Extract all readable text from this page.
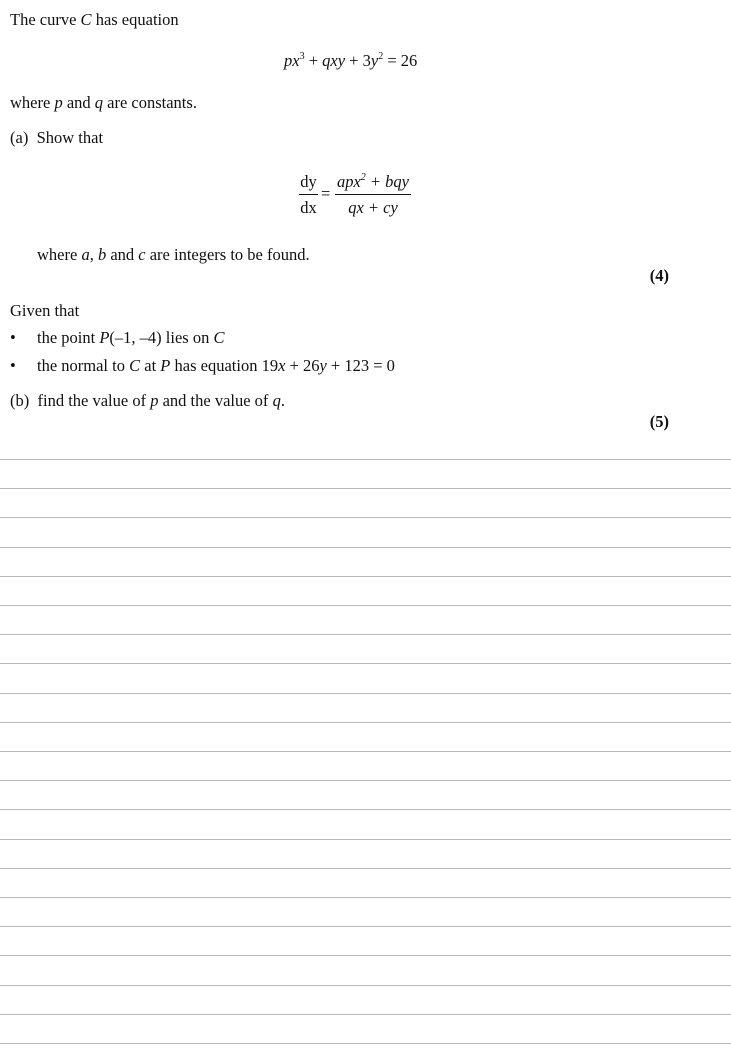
The curve C has equation
$px^3$ + qxy + $3y^2 = 26$
where p and q are constants.
(a) Show that
dy
dx
=
apx$^2$ + bqy
qx + cy
where a, b and c are integers to be found.
(4)
Given that
• the point P(–1, –4) lies on C
• the normal to C at P has equation 19x + 26y + 123 = 0
(b) find the value of p and the value of q.
(5)
